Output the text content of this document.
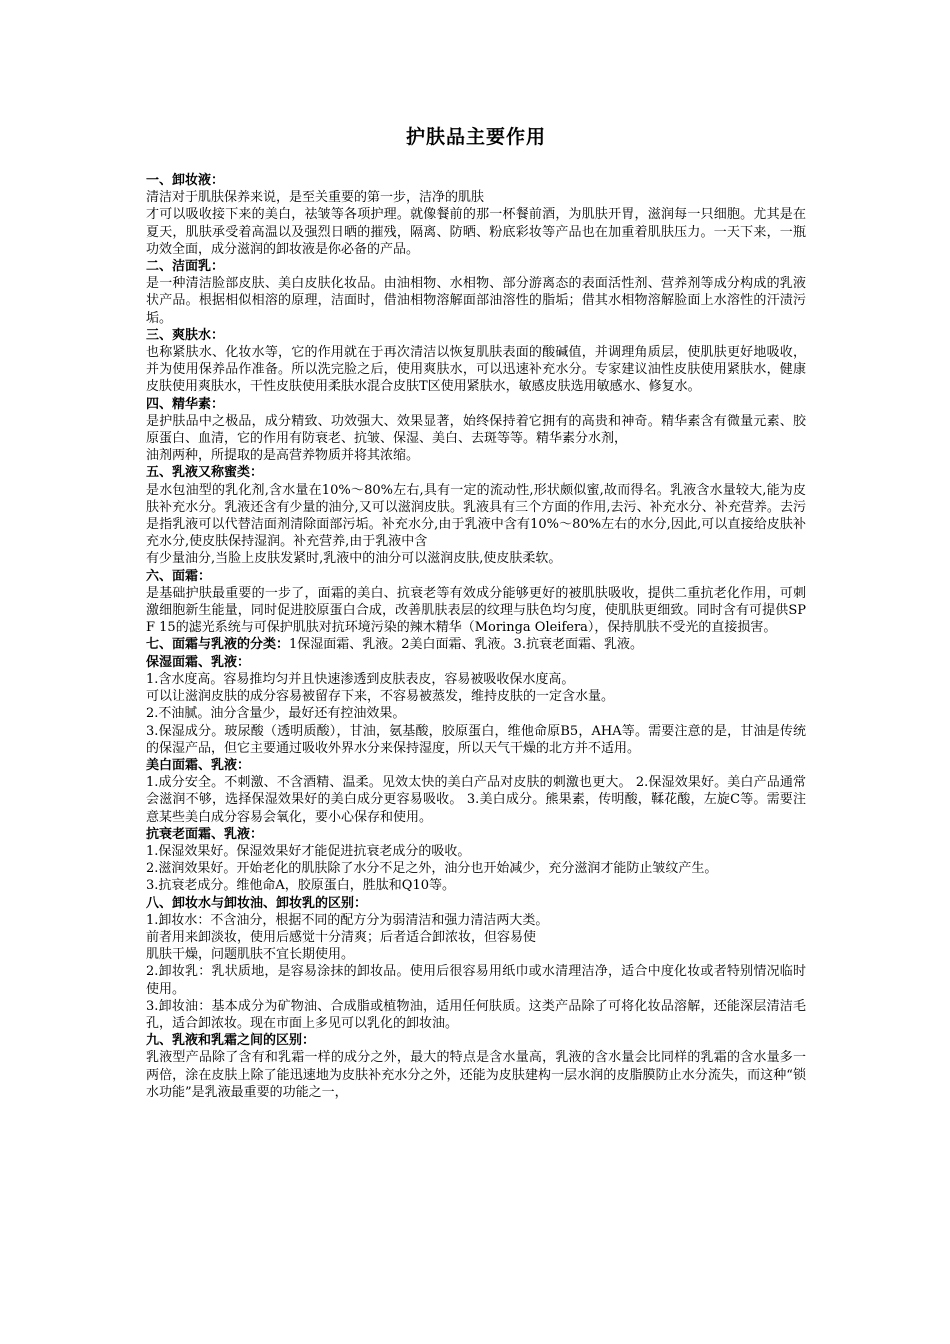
护肤品主要作用
一、卸妆液：
清洁对于肌肤保养来说，是至关重要的第一步，洁净的肌肤
才可以吸收接下来的美白，祛皱等各项护理。就像餐前的那一杯餐前酒，为肌肤开胃，滋润每一只细胞。尤其是在夏天，肌肤承受着高温以及强烈日晒的摧残，隔离、防晒、粉底彩妆等产品也在加重着肌肤压力。一天下来，一瓶功效全面，成分滋润的卸妆液是你必备的产品。
二、洁面乳：
是一种清洁脸部皮肤、美白皮肤化妆品。由油相物、水相物、部分游离态的表面活性剂、营养剂等成分构成的乳液状产品。根据相似相溶的原理，洁面时，借油相物溶解面部油溶性的脂垢；借其水相物溶解脸面上水溶性的汗渍污垢。
三、爽肤水：
也称紧肤水、化妆水等，它的作用就在于再次清洁以恢复肌肤表面的酸碱值，并调理角质层，使肌肤更好地吸收，并为使用保养品作准备。所以洗完脸之后，使用爽肤水，可以迅速补充水分。专家建议油性皮肤使用紧肤水，健康皮肤使用爽肤水，干性皮肤使用柔肤水混合皮肤T区使用紧肤水，敏感皮肤选用敏感水、修复水。
四、精华素：
是护肤品中之极品，成分精致、功效强大、效果显著，始终保持着它拥有的高贵和神奇。精华素含有微量元素、胶原蛋白、血清，它的作用有防衰老、抗皱、保湿、美白、去斑等等。精华素分水剂，
油剂两种，所提取的是高营养物质并将其浓缩。
五、乳液又称蜜类：
是水包油型的乳化剂,含水量在10%～80%左右,具有一定的流动性,形状颇似蜜,故而得名。乳液含水量较大,能为皮肤补充水分。乳液还含有少量的油分,又可以滋润皮肤。乳液具有三个方面的作用,去污、补充水分、补充营养。去污是指乳液可以代替洁面剂清除面部污垢。补充水分,由于乳液中含有10%～80%左右的水分,因此,可以直接给皮肤补充水分,使皮肤保持湿润。补充营养,由于乳液中含
有少量油分,当脸上皮肤发紧时,乳液中的油分可以滋润皮肤,使皮肤柔软。
六、面霜：
是基础护肤最重要的一步了，面霜的美白、抗衰老等有效成分能够更好的被肌肤吸收，提供二重抗老化作用，可刺激细胞新生能量，同时促进胶原蛋白合成，改善肌肤表层的纹理与肤色均匀度，使肌肤更细致。同时含有可提供SPF 15的滤光系统与可保护肌肤对抗环境污染的辣木精华（Moringa Oleifera），保持肌肤不受光的直接损害。
七、面霜与乳液的分类：1保湿面霜、乳液。2美白面霜、乳液。3.抗衰老面霜、乳液。
保湿面霜、乳液：
1.含水度高。容易推均匀并且快速渗透到皮肤表皮，容易被吸收保水度高。
可以让滋润皮肤的成分容易被留存下来，不容易被蒸发，维持皮肤的一定含水量。
2.不油腻。油分含量少，最好还有控油效果。
3.保湿成分。玻尿酸（透明质酸），甘油，氨基酸，胶原蛋白，维他命原B5，AHA等。需要注意的是，甘油是传统的保湿产品，但它主要通过吸收外界水分来保持湿度，所以天气干燥的北方并不适用。
美白面霜、乳液：
1.成分安全。不刺激、不含酒精、温柔。见效太快的美白产品对皮肤的刺激也更大。 2.保湿效果好。美白产品通常会滋润不够，选择保湿效果好的美白成分更容易吸收。 3.美白成分。熊果素，传明酸，鞣花酸，左旋C等。需要注意某些美白成分容易会氧化，要小心保存和使用。
抗衰老面霜、乳液：
1.保湿效果好。保湿效果好才能促进抗衰老成分的吸收。
2.滋润效果好。开始老化的肌肤除了水分不足之外，油分也开始减少，充分滋润才能防止皱纹产生。
3.抗衰老成分。维他命A，胶原蛋白，胜肽和Q10等。
八、卸妆水与卸妆油、卸妆乳的区别：
1.卸妆水：不含油分，根据不同的配方分为弱清洁和强力清洁两大类。
前者用来卸淡妆，使用后感觉十分清爽；后者适合卸浓妆，但容易使
肌肤干燥，问题肌肤不宜长期使用。
2.卸妆乳：乳状质地，是容易涂抹的卸妆品。使用后很容易用纸巾或水清理洁净，适合中度化妆或者特别情况临时使用。
3.卸妆油：基本成分为矿物油、合成脂或植物油，适用任何肤质。这类产品除了可将化妆品溶解，还能深层清洁毛孔，适合卸浓妆。现在市面上多见可以乳化的卸妆油。
九、乳液和乳霜之间的区别：
乳液型产品除了含有和乳霜一样的成分之外，最大的特点是含水量高，乳液的含水量会比同样的乳霜的含水量多一两倍，涂在皮肤上除了能迅速地为皮肤补充水分之外，还能为皮肤建构一层水润的皮脂膜防止水分流失，而这种“锁水功能”是乳液最重要的功能之一，
